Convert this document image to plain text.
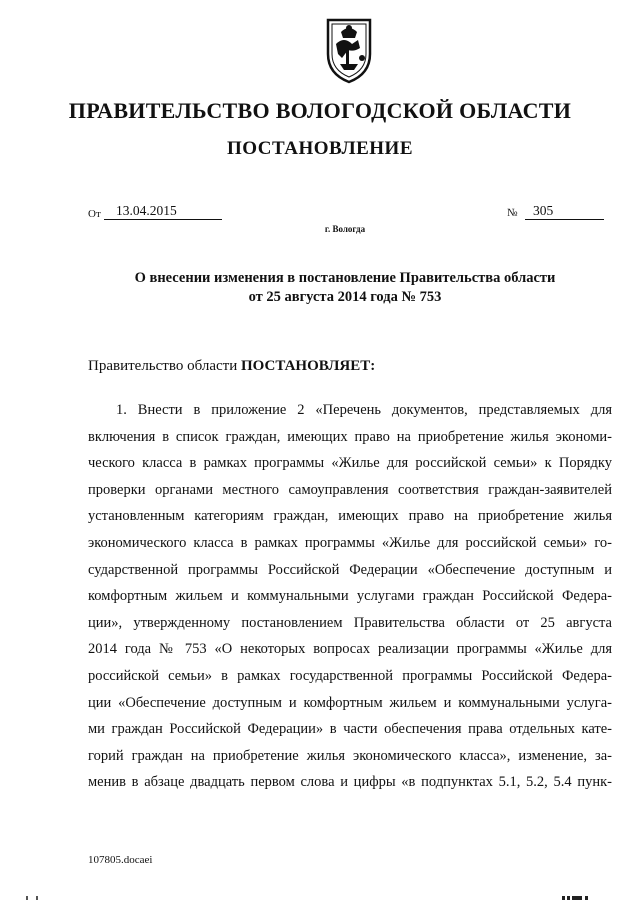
ПРАВИТЕЛЬСТВО ВОЛОГОДСКОЙ ОБЛАСТИ
ПОСТАНОВЛЕНИЕ
От	13.04.2015	№	305
г. Вологда
О внесении изменения в постановление Правительства области
от 25 августа 2014 года № 753
Правительство области ПОСТАНОВЛЯЕТ:
1. Внести в приложение 2 «Перечень документов, представляемых для
включения в список граждан, имеющих право на приобретение жилья экономи-
ческого класса в рамках программы «Жилье для российской семьи» к Порядку
проверки органами местного самоуправления соответствия граждан-заявителей
установленным категориям граждан, имеющих право на приобретение жилья
экономического класса в рамках программы «Жилье для российской семьи» го-
сударственной программы Российской Федерации «Обеспечение доступным и
комфортным жильем и коммунальными услугами граждан Российской Федера-
ции», утвержденному постановлением Правительства области от 25 августа
2014 года № 753 «О некоторых вопросах реализации программы «Жилье для
российской семьи» в рамках государственной программы Российской Федера-
ции «Обеспечение доступным и комфортным жильем и коммунальными услуга-
ми граждан Российской Федерации» в части обеспечения права отдельных кате-
горий граждан на приобретение жилья экономического класса», изменение, за-
менив в абзаце двадцать первом слова и цифры «в подпунктах 5.1, 5.2, 5.4 пунк-
107805.docaei
